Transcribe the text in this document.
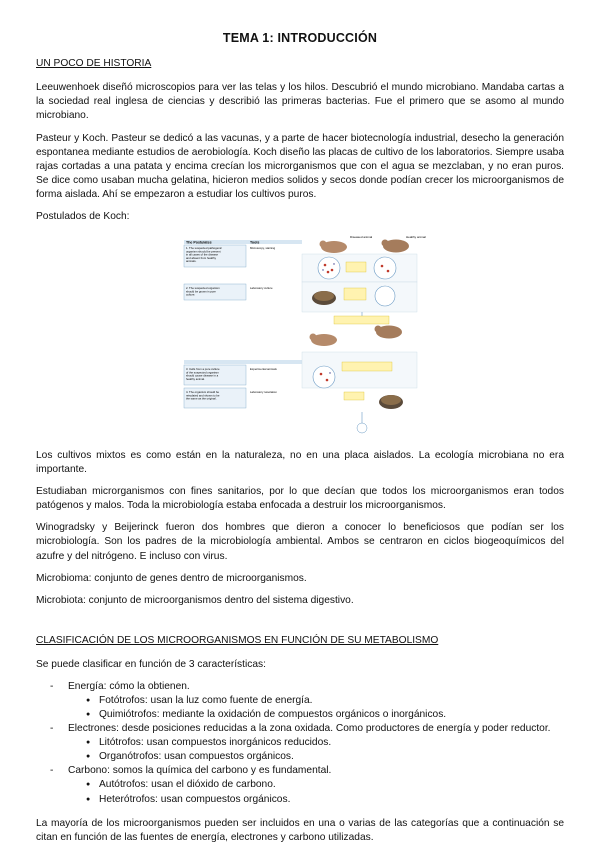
TEMA 1: INTRODUCCIÓN
UN POCO DE HISTORIA

Leeuwenhoek diseñó microscopios para ver las telas y los hilos. Descubrió el mundo microbiano. Mandaba cartas a la sociedad real inglesa de ciencias y describió las primeras bacterias. Fue el primero que se asomo al mundo microbiano.

Pasteur y Koch. Pasteur se dedicó a las vacunas, y a parte de hacer biotecnología industrial, desecho la generación espontanea mediante estudios de aerobiología. Koch diseño las placas de cultivo de los laboratorios. Siempre usaba rajas cortadas a una patata y encima crecían los microrganismos que con el agua se mezclaban, y no eran puros. Se dice como usaban mucha gelatina, hicieron medios solidos y secos donde podían crecer los microorganismos de forma aislada. Ahí se empezaron a estudiar los cultivos puros.

Postulados de Koch:

The Postulates	Tools
1. The suspected pathogenic organism should be present in all cases of the disease and absent from healthy animals.
Microscopy, staining
Diseased animal	Healthy animal
2. The suspected organism should be grown in pure culture.
Laboratory culture
3. Cells from a pure culture of the suspected organism should cause disease in a healthy animal.
Experimental animals
4. The organism should be reisolated and shown to be the same as the original.
Laboratory reisolation

Los cultivos mixtos es como están en la naturaleza, no en una placa aislados. La ecología microbiana no era importante.

Estudiaban microrganismos con fines sanitarios, por lo que decían que todos los microorganismos eran todos patógenos y malos. Toda la microbiología estaba enfocada a destruir los microorganismos.

Winogradsky y Beijerinck fueron dos hombres que dieron a conocer lo beneficiosos que podían ser los microbiología. Son los padres de la microbiología ambiental. Ambos se centraron en ciclos biogeoquímicos del azufre y del nitrógeno. E incluso con virus.

Microbioma: conjunto de genes dentro de microorganismos.

Microbiota: conjunto de microorganismos dentro del sistema digestivo.

CLASIFICACIÓN DE LOS MICROORGANISMOS EN FUNCIÓN DE SU METABOLISMO

Se puede clasificar en función de 3 características:

- Energía: cómo la obtienen.
● Fotótrofos: usan la luz como fuente de energía.
● Quimiótrofos: mediante la oxidación de compuestos orgánicos o inorgánicos.
- Electrones: desde posiciones reducidas a la zona oxidada. Como productores de energía y poder reductor.
● Litótrofos: usan compuestos inorgánicos reducidos.
● Organótrofos: usan compuestos orgánicos.
- Carbono: somos la química del carbono y es fundamental.
● Autótrofos: usan el dióxido de carbono.
● Heterótrofos: usan compuestos orgánicos.

La mayoría de los microorganismos pueden ser incluidos en una o varias de las categorías que a continuación se citan en función de las fuentes de energía, electrones y carbono utilizadas.
